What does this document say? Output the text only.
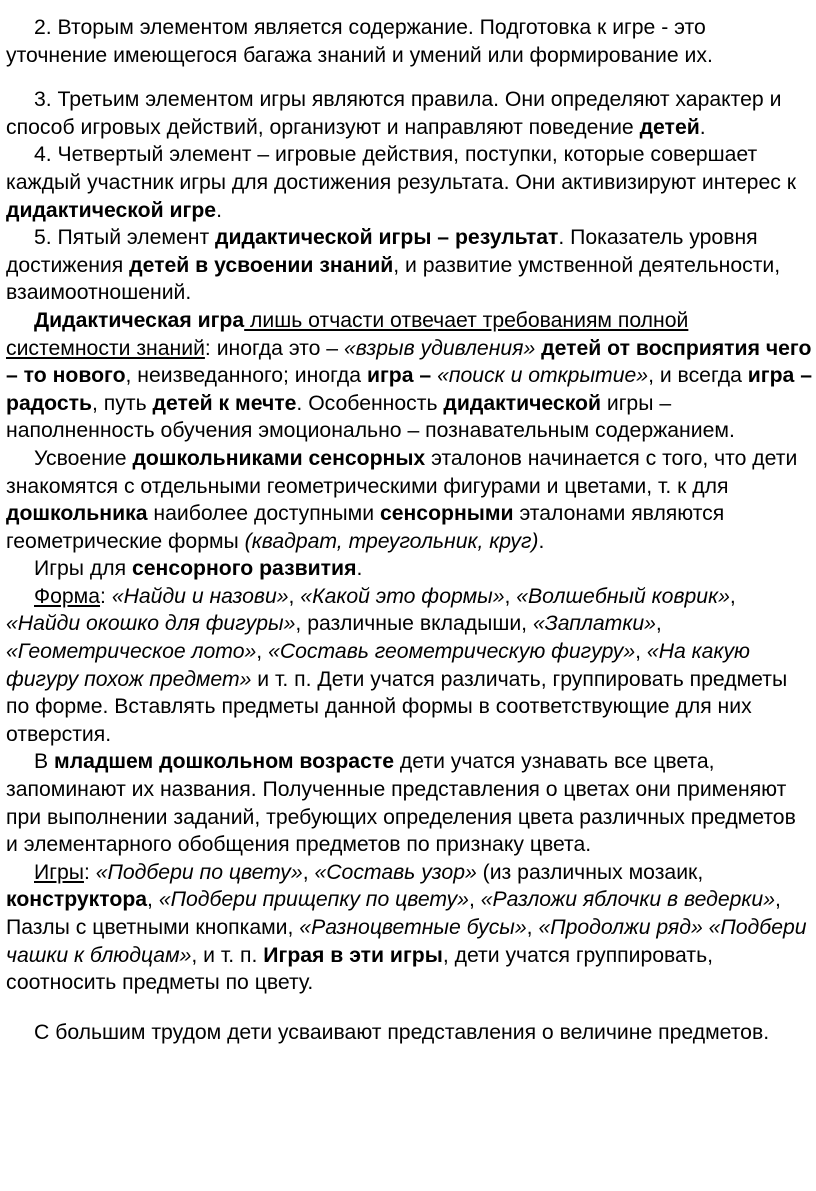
2. Вторым элементом является содержание. Подготовка к игре - это уточнение имеющегося багажа знаний и умений или формирование их.

3. Третьим элементом игры являются правила. Они определяют характер и способ игровых действий, организуют и направляют поведение детей.

4. Четвертый элемент – игровые действия, поступки, которые совершает каждый участник игры для достижения результата. Они активизируют интерес к дидактической игре.

5. Пятый элемент дидактической игры – результат. Показатель уровня достижения детей в усвоении знаний, и развитие умственной деятельности, взаимоотношений.

Дидактическая игра лишь отчасти отвечает требованиям полной системности знаний: иногда это – «взрыв удивления» детей от восприятия чего – то нового, неизведанного; иногда игра – «поиск и открытие», и всегда игра – радость, путь детей к мечте. Особенность дидактической игры – наполненность обучения эмоционально – познавательным содержанием.

Усвоение дошкольниками сенсорных эталонов начинается с того, что дети знакомятся с отдельными геометрическими фигурами и цветами, т. к для дошкольника наиболее доступными сенсорными эталонами являются геометрические формы (квадрат, треугольник, круг).

Игры для сенсорного развития.

Форма: «Найди и назови», «Какой это формы», «Волшебный коврик», «Найди окошко для фигуры», различные вкладыши, «Заплатки», «Геометрическое лото», «Составь геометрическую фигуру», «На какую фигуру похож предмет» и т. п. Дети учатся различать, группировать предметы по форме. Вставлять предметы данной формы в соответствующие для них отверстия.

В младшем дошкольном возрасте дети учатся узнавать все цвета, запоминают их названия. Полученные представления о цветах они применяют при выполнении заданий, требующих определения цвета различных предметов и элементарного обобщения предметов по признаку цвета.

Игры: «Подбери по цвету», «Составь узор» (из различных мозаик, конструктора, «Подбери прищепку по цвету», «Разложи яблочки в ведерки», Пазлы с цветными кнопками, «Разноцветные бусы», «Продолжи ряд» «Подбери чашки к блюдцам», и т. п. Играя в эти игры, дети учатся группировать, соотносить предметы по цвету.

С большим трудом дети усваивают представления о величине предметов.
